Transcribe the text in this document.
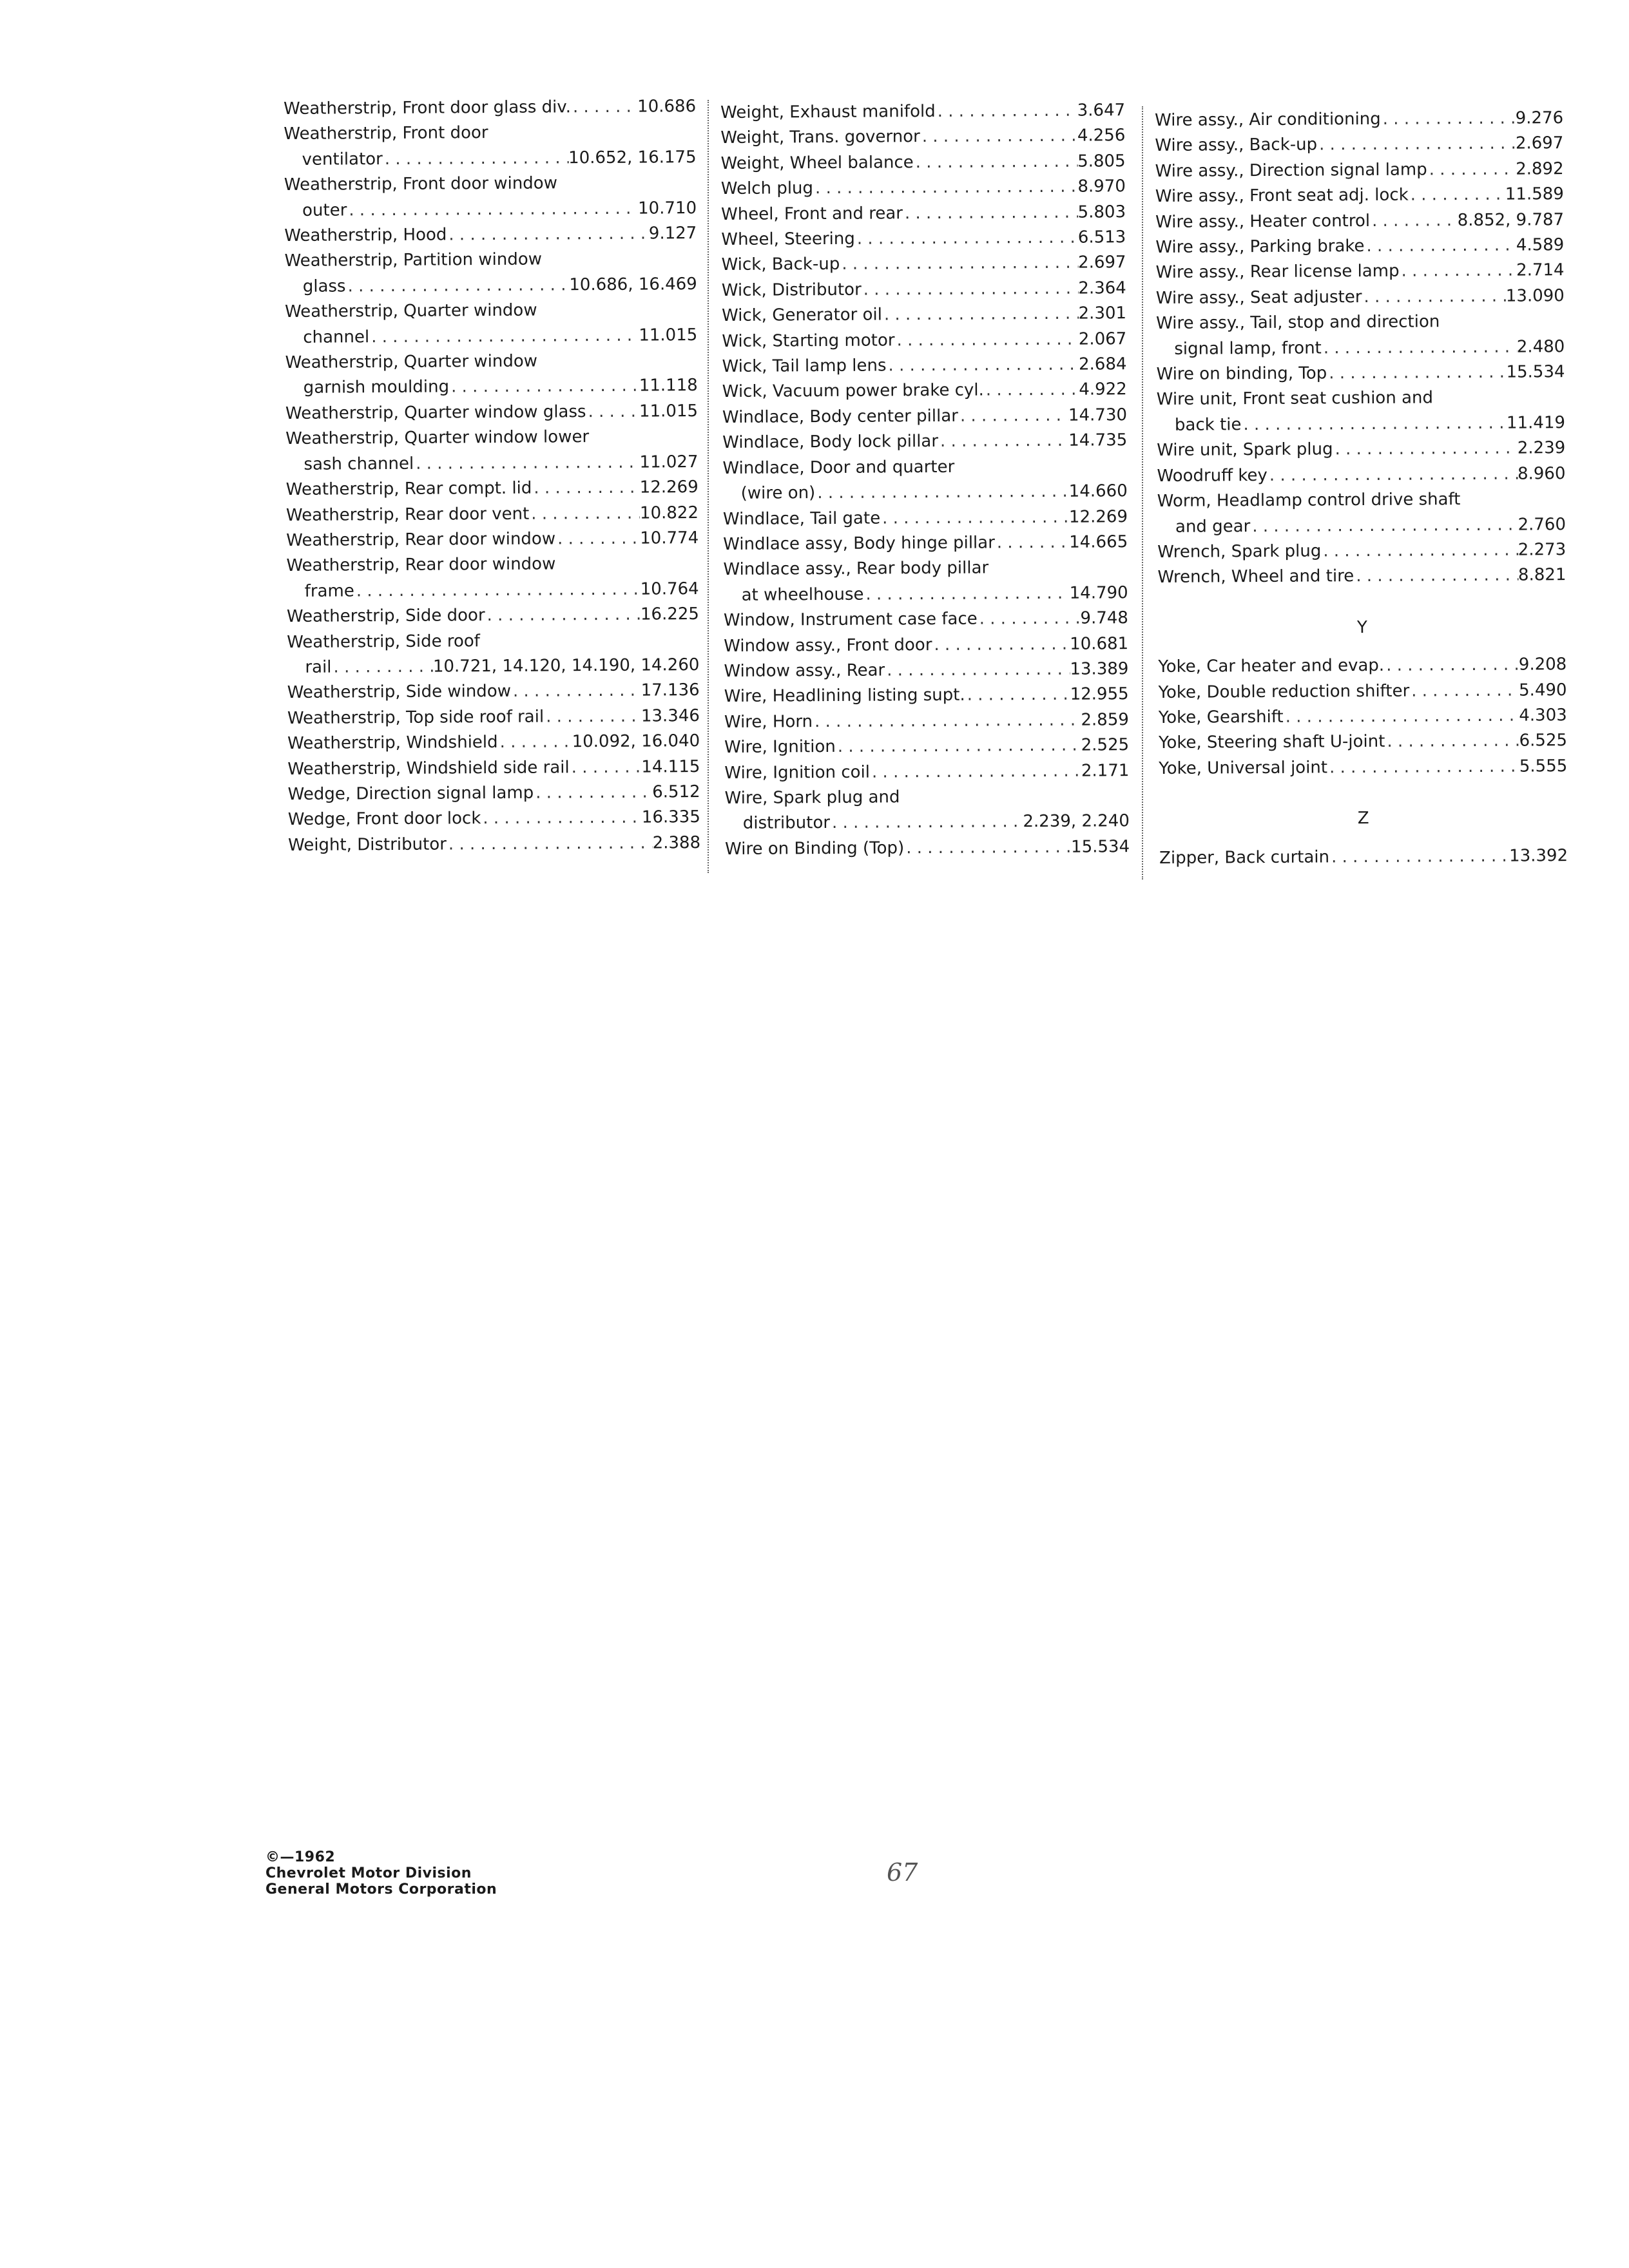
Weatherstrip, Front door glass div. . . .	10.686
Weatherstrip, Front door
ventilator . . .	10.652, 16.175
Weatherstrip, Front door window
outer . . .	10.710
Weatherstrip, Hood . . .	9.127
Weatherstrip, Partition window
glass . . .	10.686, 16.469
Weatherstrip, Quarter window
channel . . .	11.015
Weatherstrip, Quarter window
garnish moulding . . .	11.118
Weatherstrip, Quarter window glass . . .	11.015
Weatherstrip, Quarter window lower
sash channel . . .	11.027
Weatherstrip, Rear compt. lid . . .	12.269
Weatherstrip, Rear door vent . . .	10.822
Weatherstrip, Rear door window . . .	10.774
Weatherstrip, Rear door window
frame . . .	10.764
Weatherstrip, Side door . . .	16.225
Weatherstrip, Side roof
rail . . .	10.721, 14.120, 14.190, 14.260
Weatherstrip, Side window . . .	17.136
Weatherstrip, Top side roof rail . . .	13.346
Weatherstrip, Windshield . . .	10.092, 16.040
Weatherstrip, Windshield side rail . . .	14.115
Wedge, Direction signal lamp . . .	6.512
Wedge, Front door lock . . .	16.335
Weight, Distributor . . .	2.388
Weight, Exhaust manifold . . .	3.647
Weight, Trans. governor . . .	4.256
Weight, Wheel balance . . .	5.805
Welch plug . . .	8.970
Wheel, Front and rear . . .	5.803
Wheel, Steering . . .	6.513
Wick, Back-up . . .	2.697
Wick, Distributor . . .	2.364
Wick, Generator oil . . .	2.301
Wick, Starting motor . . .	2.067
Wick, Tail lamp lens . . .	2.684
Wick, Vacuum power brake cyl. . . .	4.922
Windlace, Body center pillar . . .	14.730
Windlace, Body lock pillar . . .	14.735
Windlace, Door and quarter
(wire on) . . .	14.660
Windlace, Tail gate . . .	12.269
Windlace assy, Body hinge pillar . . .	14.665
Windlace assy., Rear body pillar
at wheelhouse . . .	14.790
Window, Instrument case face . . .	9.748
Window assy., Front door . . .	10.681
Window assy., Rear . . .	13.389
Wire, Headlining listing supt. . . .	12.955
Wire, Horn . . .	2.859
Wire, Ignition . . .	2.525
Wire, Ignition coil . . .	2.171
Wire, Spark plug and
distributor . . .	2.239, 2.240
Wire on Binding (Top) . . .	15.534
Wire assy., Air conditioning . . .	9.276
Wire assy., Back-up . . .	2.697
Wire assy., Direction signal lamp . . .	2.892
Wire assy., Front seat adj. lock . . .	11.589
Wire assy., Heater control . . .	8.852, 9.787
Wire assy., Parking brake . . .	4.589
Wire assy., Rear license lamp . . .	2.714
Wire assy., Seat adjuster . . .	13.090
Wire assy., Tail, stop and direction
signal lamp, front . . .	2.480
Wire on binding, Top . . .	15.534
Wire unit, Front seat cushion and
back tie . . .	11.419
Wire unit, Spark plug . . .	2.239
Woodruff key . . .	8.960
Worm, Headlamp control drive shaft
and gear . . .	2.760
Wrench, Spark plug . . .	2.273
Wrench, Wheel and tire . . .	8.821
Y
Yoke, Car heater and evap. . . .	9.208
Yoke, Double reduction shifter . . .	5.490
Yoke, Gearshift . . .	4.303
Yoke, Steering shaft U-joint . . .	6.525
Yoke, Universal joint . . .	5.555
Z
Zipper, Back curtain . . .	13.392
©—1962
Chevrolet Motor Division
General Motors Corporation
67
